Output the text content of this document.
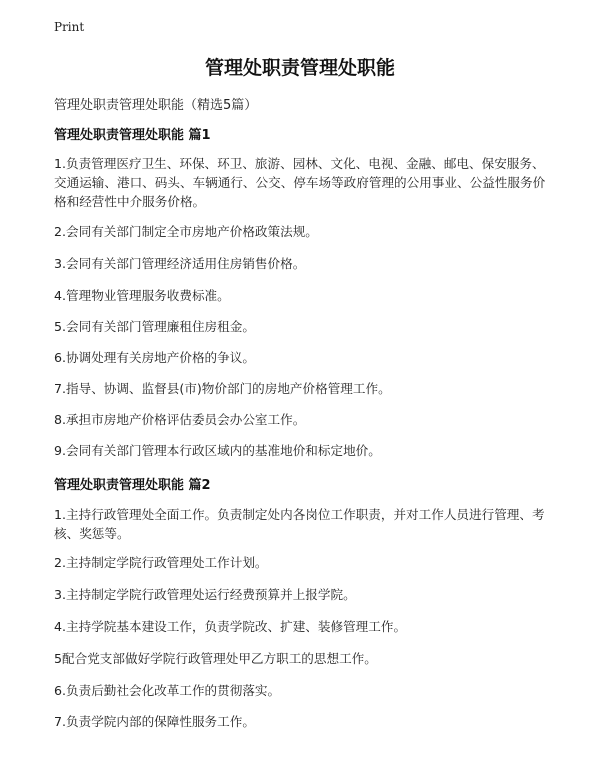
Print
管理处职责管理处职能
管理处职责管理处职能（精选5篇）
管理处职责管理处职能 篇1
1.负责管理医疗卫生、环保、环卫、旅游、园林、文化、电视、金融、邮电、保安服务、交通运输、港口、码头、车辆通行、公交、停车场等政府管理的公用事业、公益性服务价格和经营性中介服务价格。
2.会同有关部门制定全市房地产价格政策法规。
3.会同有关部门管理经济适用住房销售价格。
4.管理物业管理服务收费标准。
5.会同有关部门管理廉租住房租金。
6.协调处理有关房地产价格的争议。
7.指导、协调、监督县(市)物价部门的房地产价格管理工作。
8.承担市房地产价格评估委员会办公室工作。
9.会同有关部门管理本行政区域内的基准地价和标定地价。
管理处职责管理处职能 篇2
1.主持行政管理处全面工作。负责制定处内各岗位工作职责，并对工作人员进行管理、考核、奖惩等。
2.主持制定学院行政管理处工作计划。
3.主持制定学院行政管理处运行经费预算并上报学院。
4.主持学院基本建设工作，负责学院改、扩建、装修管理工作。
5配合党支部做好学院行政管理处甲乙方职工的思想工作。
6.负责后勤社会化改革工作的贯彻落实。
7.负责学院内部的保障性服务工作。
